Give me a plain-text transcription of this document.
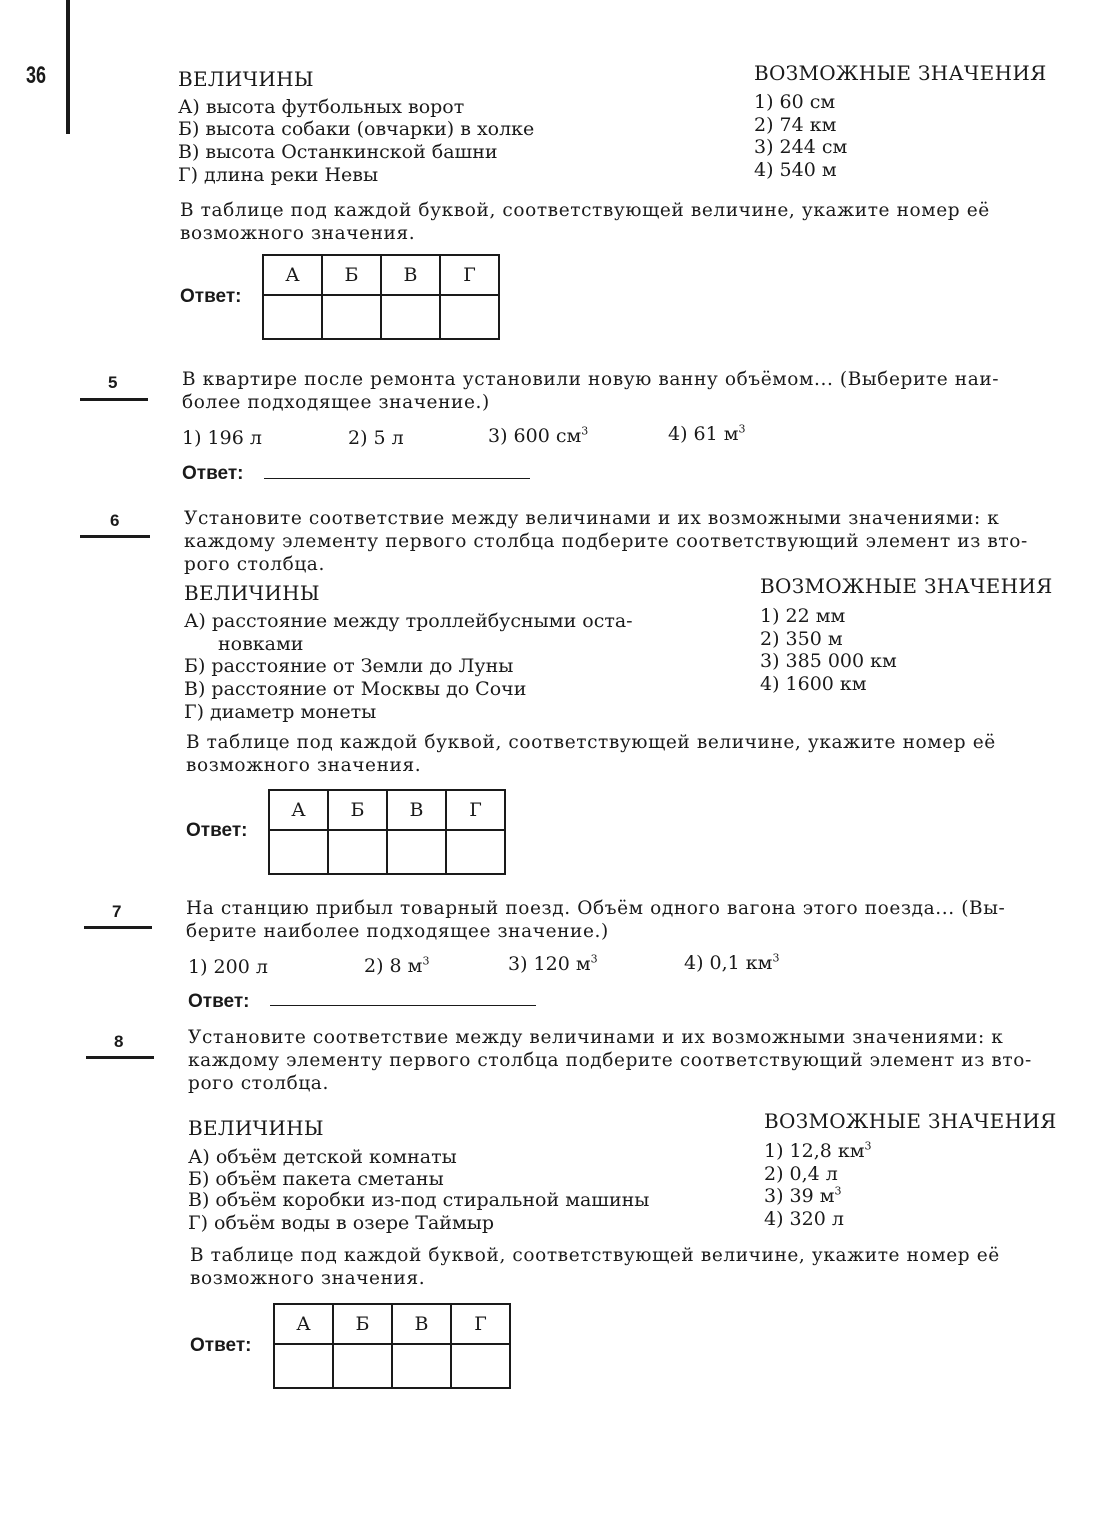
36	ВЕЛИЧИНЫ	ВОЗМОЖНЫЕ ЗНАЧЕНИЯ
А) высота футбольных ворот
Б) высота собаки (овчарки) в холке
В) высота Останкинской башни
Г) длина реки Невы
1) 60 см
2) 74 км
3) 244 см
4) 540 м
В таблице под каждой буквой, соответствующей величине, укажите номер её
возможного значения.
Ответ:
А	Б	В	Г

5	В квартире после ремонта установили новую ванну объёмом... (Выберите наи-
более подходящее значение.)
1) 196 л	2) 5 л	3) 600 $см^3$	4) 61 $м^3$
Ответ:
6	Установите соответствие между величинами и их возможными значениями: к
каждому элементу первого столбца подберите соответствующий элемент из вто-
рого столбца.
ВЕЛИЧИНЫ	ВОЗМОЖНЫЕ ЗНАЧЕНИЯ
А) расстояние между троллейбусными оста-
новками
Б) расстояние от Земли до Луны
В) расстояние от Москвы до Сочи
Г) диаметр монеты
1) 22 мм
2) 350 м
3) 385 000 км
4) 1600 км
В таблице под каждой буквой, соответствующей величине, укажите номер её
возможного значения.
Ответ:
А	Б	В	Г

7	На станцию прибыл товарный поезд. Объём одного вагона этого поезда... (Вы-
берите наиболее подходящее значение.)
1) 200 л	2) 8 $м^3$	3) 120 $м^3$	4) 0,1 $км^3$
Ответ:
8	Установите соответствие между величинами и их возможными значениями: к
каждому элементу первого столбца подберите соответствующий элемент из вто-
рого столбца.
ВЕЛИЧИНЫ	ВОЗМОЖНЫЕ ЗНАЧЕНИЯ
А) объём детской комнаты
Б) объём пакета сметаны
В) объём коробки из-под стиральной машины
Г) объём воды в озере Таймыр
1) 12,8 $км^3$
2) 0,4 л
3) 39 $м^3$
4) 320 л
В таблице под каждой буквой, соответствующей величине, укажите номер её
возможного значения.
Ответ:
А	Б	В	Г
